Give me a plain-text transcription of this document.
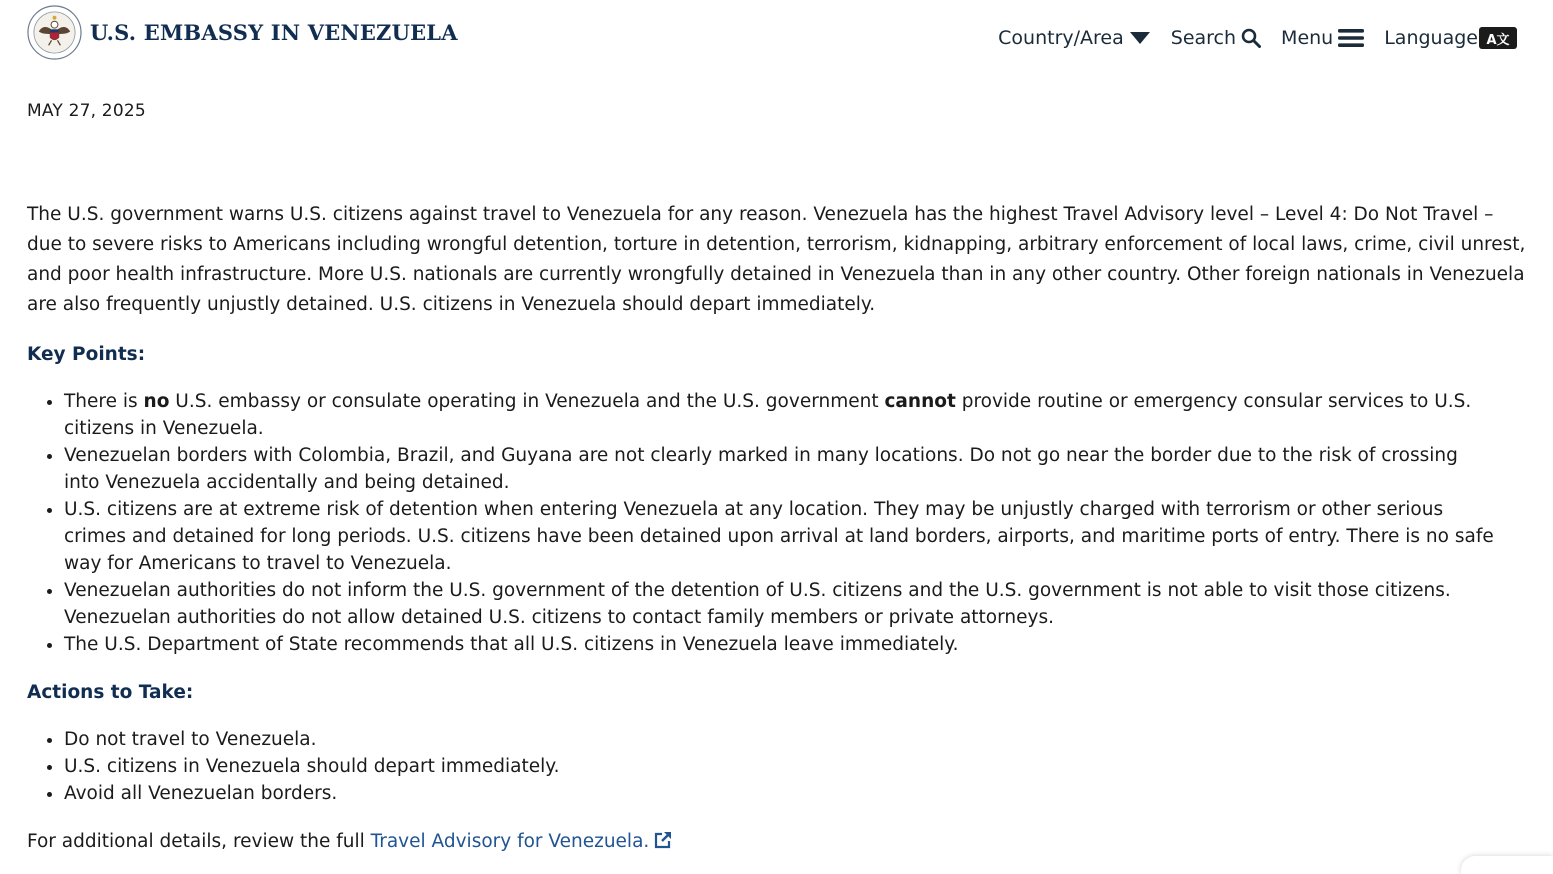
U.S. EMBASSY IN VENEZUELA	Country/Area Search Menu	Language A文
MAY 27, 2025

The U.S. government warns U.S. citizens against travel to Venezuela for any reason. Venezuela has the highest Travel Advisory level – Level 4: Do Not Travel – due to severe risks to Americans including wrongful detention, torture in detention, terrorism, kidnapping, arbitrary enforcement of local laws, crime, civil unrest, and poor health infrastructure. More U.S. nationals are currently wrongfully detained in Venezuela than in any other country. Other foreign nationals in Venezuela are also frequently unjustly detained. U.S. citizens in Venezuela should depart immediately.

Key Points:

• There is no U.S. embassy or consulate operating in Venezuela and the U.S. government cannot provide routine or emergency consular services to U.S. citizens in Venezuela.
• Venezuelan borders with Colombia, Brazil, and Guyana are not clearly marked in many locations. Do not go near the border due to the risk of crossing into Venezuela accidentally and being detained.
• U.S. citizens are at extreme risk of detention when entering Venezuela at any location. They may be unjustly charged with terrorism or other serious crimes and detained for long periods. U.S. citizens have been detained upon arrival at land borders, airports, and maritime ports of entry. There is no safe way for Americans to travel to Venezuela.
• Venezuelan authorities do not inform the U.S. government of the detention of U.S. citizens and the U.S. government is not able to visit those citizens. Venezuelan authorities do not allow detained U.S. citizens to contact family members or private attorneys.
• The U.S. Department of State recommends that all U.S. citizens in Venezuela leave immediately.

Actions to Take:

• Do not travel to Venezuela.
• U.S. citizens in Venezuela should depart immediately.
• Avoid all Venezuelan borders.

For additional details, review the full Travel Advisory for Venezuela.
